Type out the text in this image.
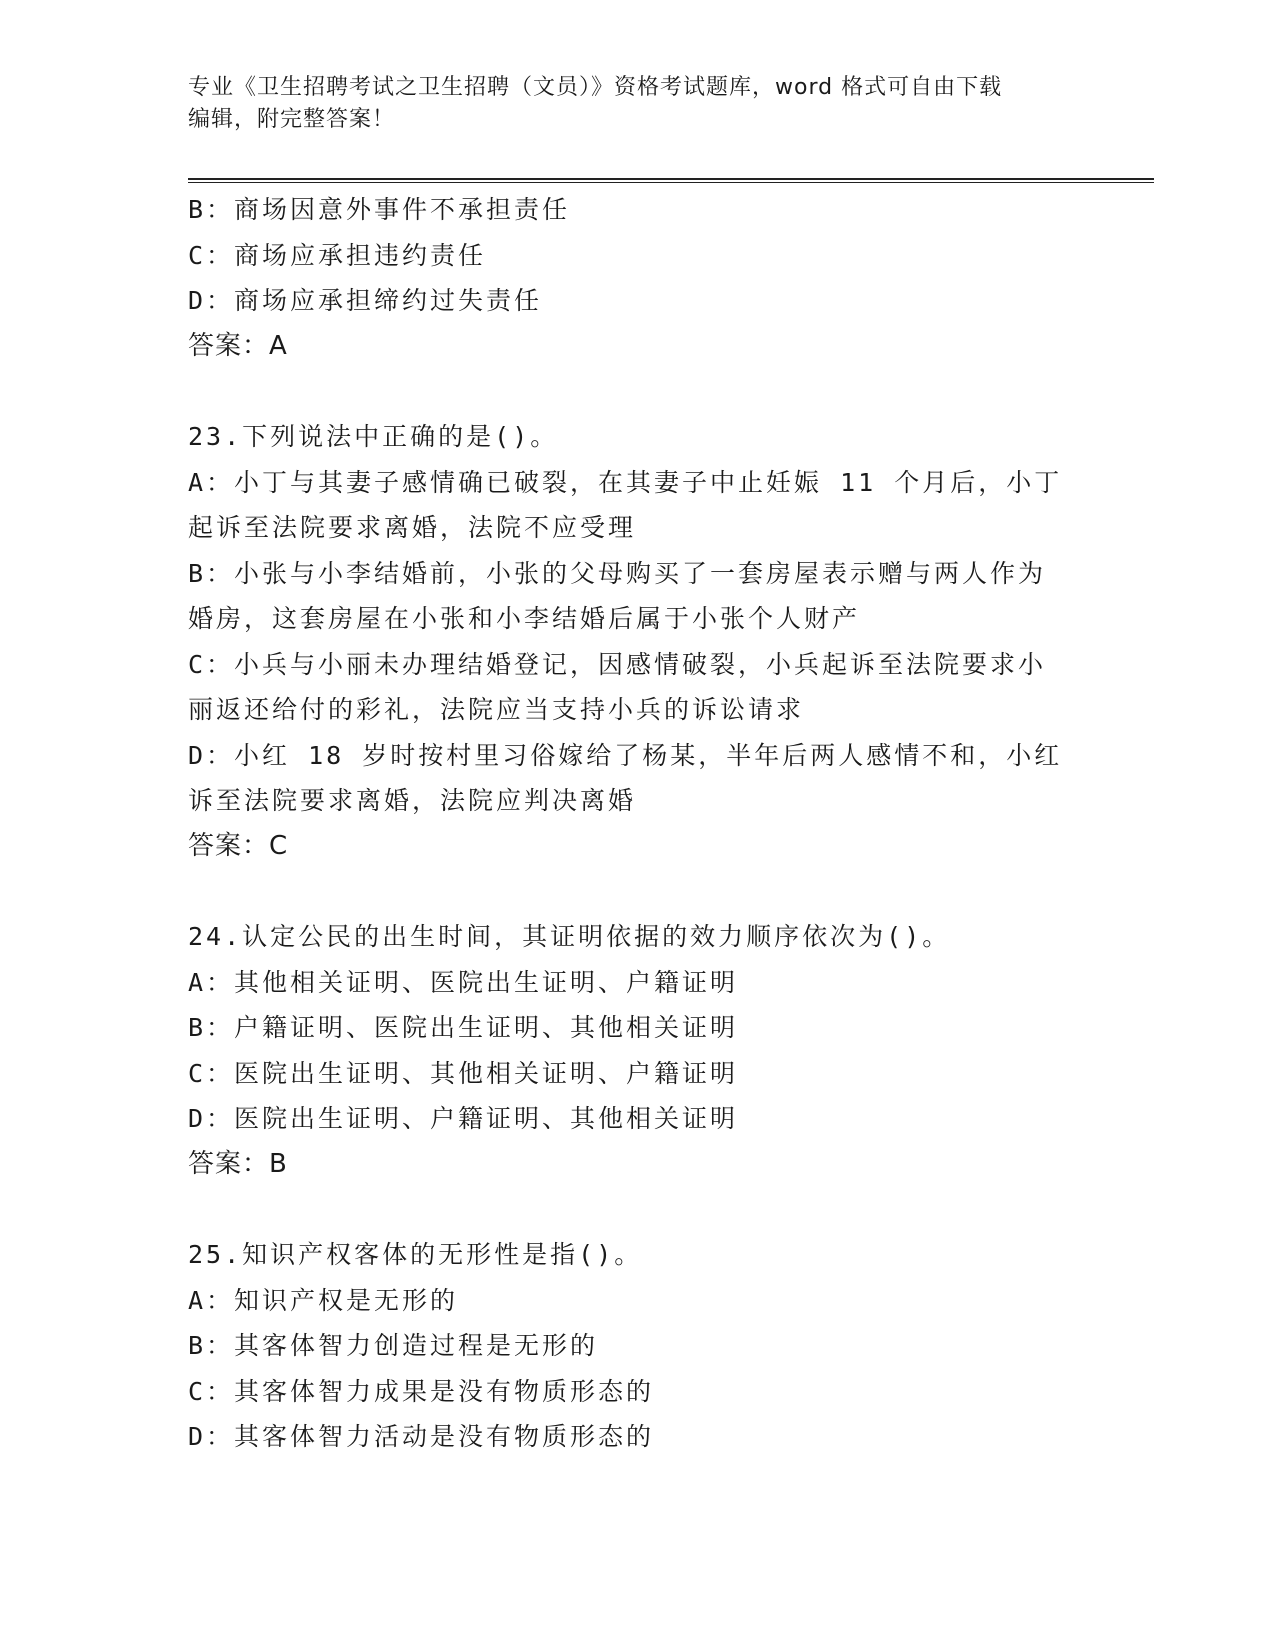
专业《卫生招聘考试之卫生招聘（文员）》资格考试题库，word 格式可自由下载
编辑，附完整答案！
B：商场因意外事件不承担责任
C：商场应承担违约责任
D：商场应承担缔约过失责任
答案：A
23.下列说法中正确的是()。
A：小丁与其妻子感情确已破裂，在其妻子中止妊娠 11 个月后，小丁
起诉至法院要求离婚，法院不应受理
B：小张与小李结婚前，小张的父母购买了一套房屋表示赠与两人作为
婚房，这套房屋在小张和小李结婚后属于小张个人财产
C：小兵与小丽未办理结婚登记，因感情破裂，小兵起诉至法院要求小
丽返还给付的彩礼，法院应当支持小兵的诉讼请求
D：小红 18 岁时按村里习俗嫁给了杨某，半年后两人感情不和，小红
诉至法院要求离婚，法院应判决离婚
答案：C
24.认定公民的出生时间，其证明依据的效力顺序依次为()。
A：其他相关证明、医院出生证明、户籍证明
B：户籍证明、医院出生证明、其他相关证明
C：医院出生证明、其他相关证明、户籍证明
D：医院出生证明、户籍证明、其他相关证明
答案：B
25.知识产权客体的无形性是指()。
A：知识产权是无形的
B：其客体智力创造过程是无形的
C：其客体智力成果是没有物质形态的
D：其客体智力活动是没有物质形态的
